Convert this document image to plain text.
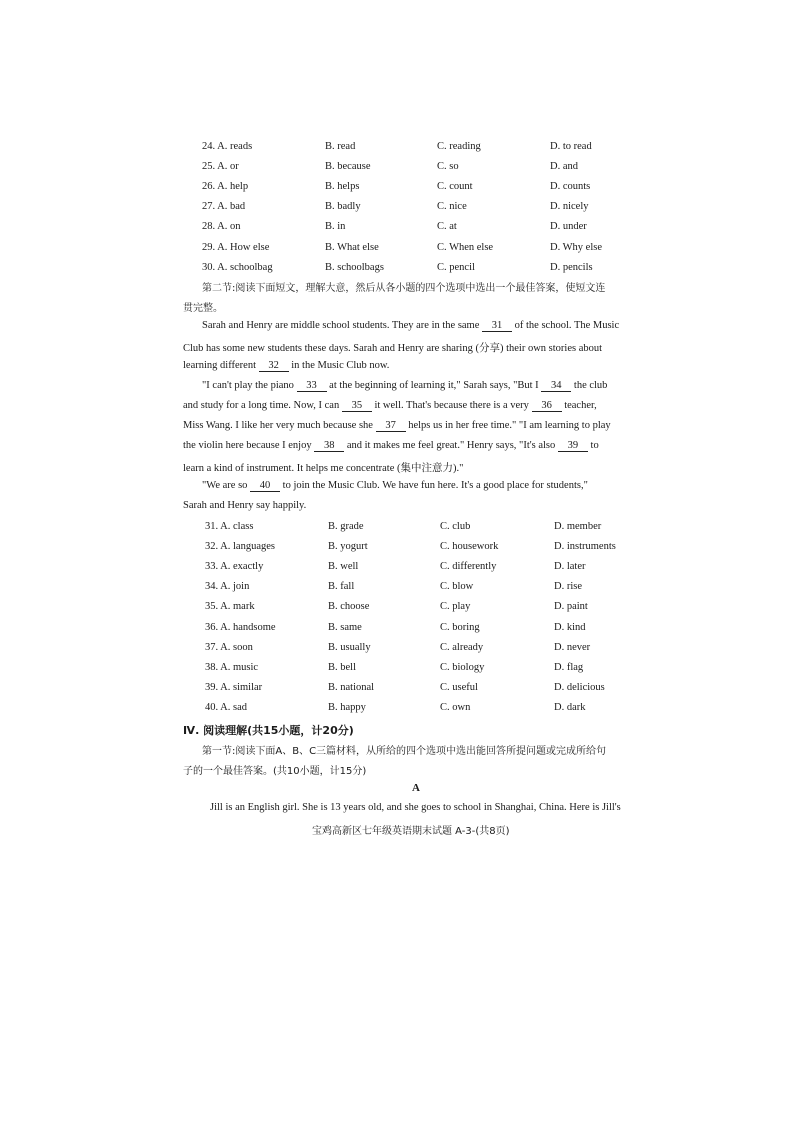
24. A. reads	B. read	C. reading	D. to read
25. A. or	B. because	C. so	D. and
26. A. help	B. helps	C. count	D. counts
27. A. bad	B. badly	C. nice	D. nicely
28. A. on	B. in	C. at	D. under
29. A. How else	B. What else	C. When else	D. Why else
30. A. schoolbag	B. schoolbags	C. pencil	D. pencils
第二节:阅读下面短文，理解大意，然后从各小题的四个选项中选出一个最佳答案，使短文连
贯完整。
Sarah and Henry are middle school students. They are in the same 31 of the school. The Music
Club has some new students these days. Sarah and Henry are sharing (分享) their own stories about
learning different 32 in the Music Club now.
"I can't play the piano 33 at the beginning of learning it," Sarah says, "But I 34 the club
and study for a long time. Now, I can 35 it well. That's because there is a very 36 teacher,
Miss Wang. I like her very much because she 37 helps us in her free time." "I am learning to play
the violin here because I enjoy 38 and it makes me feel great." Henry says, "It's also 39 to
learn a kind of instrument. It helps me concentrate (集中注意力)."
"We are so 40 to join the Music Club. We have fun here. It's a good place for students,"
Sarah and Henry say happily.
31. A. class	B. grade	C. club	D. member
32. A. languages	B. yogurt	C. housework	D. instruments
33. A. exactly	B. well	C. differently	D. later
34. A. join	B. fall	C. blow	D. rise
35. A. mark	B. choose	C. play	D. paint
36. A. handsome	B. same	C. boring	D. kind
37. A. soon	B. usually	C. already	D. never
38. A. music	B. bell	C. biology	D. flag
39. A. similar	B. national	C. useful	D. delicious
40. A. sad	B. happy	C. own	D. dark
Ⅳ. 阅读理解(共15小题，计20分)
第一节:阅读下面A、B、C三篇材料，从所给的四个选项中选出能回答所提问题或完成所给句
子的一个最佳答案。(共10小题，计15分)
A
Jill is an English girl. She is 13 years old, and she goes to school in Shanghai, China. Here is Jill's
宝鸡高新区七年级英语期末试题 A-3-(共8页)
